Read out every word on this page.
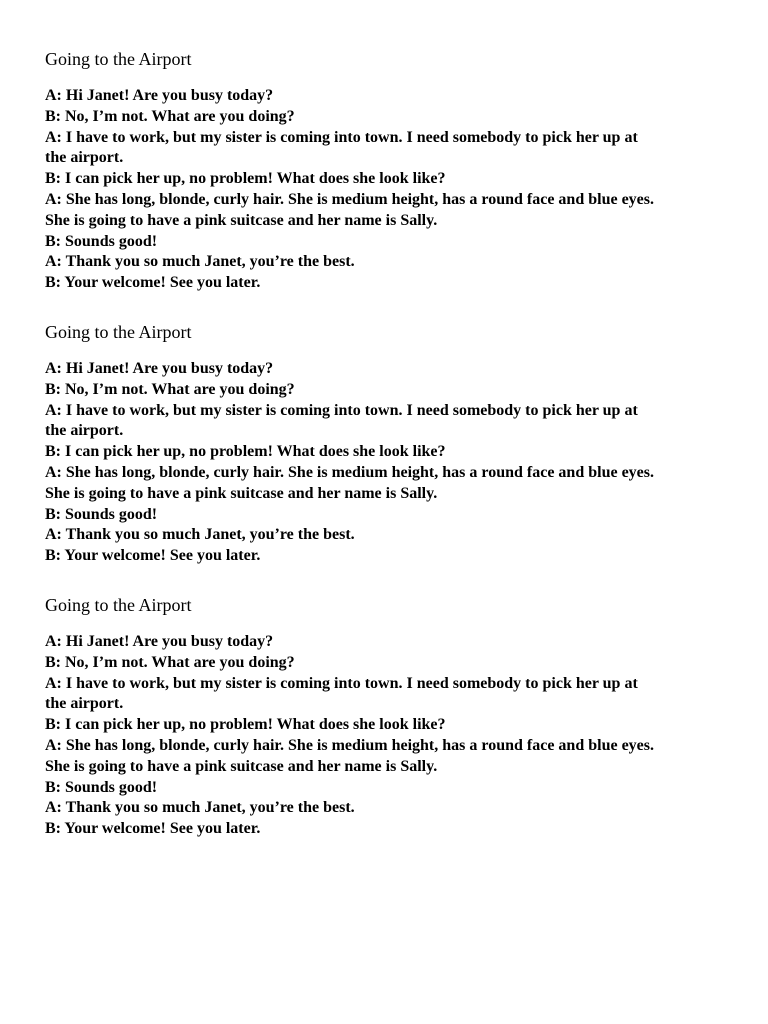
Going to the Airport
A: Hi Janet! Are you busy today?
B: No, I’m not. What are you doing?
A: I have to work, but my sister is coming into town. I need somebody to pick her up at
the airport.
B: I can pick her up, no problem! What does she look like?
A: She has long, blonde, curly hair. She is medium height, has a round face and blue eyes.
She is going to have a pink suitcase and her name is Sally.
B: Sounds good!
A: Thank you so much Janet, you’re the best.
B: Your welcome! See you later.
Going to the Airport
A: Hi Janet! Are you busy today?
B: No, I’m not. What are you doing?
A: I have to work, but my sister is coming into town. I need somebody to pick her up at
the airport.
B: I can pick her up, no problem! What does she look like?
A: She has long, blonde, curly hair. She is medium height, has a round face and blue eyes.
She is going to have a pink suitcase and her name is Sally.
B: Sounds good!
A: Thank you so much Janet, you’re the best.
B: Your welcome! See you later.
Going to the Airport
A: Hi Janet! Are you busy today?
B: No, I’m not. What are you doing?
A: I have to work, but my sister is coming into town. I need somebody to pick her up at
the airport.
B: I can pick her up, no problem! What does she look like?
A: She has long, blonde, curly hair. She is medium height, has a round face and blue eyes.
She is going to have a pink suitcase and her name is Sally.
B: Sounds good!
A: Thank you so much Janet, you’re the best.
B: Your welcome! See you later.
